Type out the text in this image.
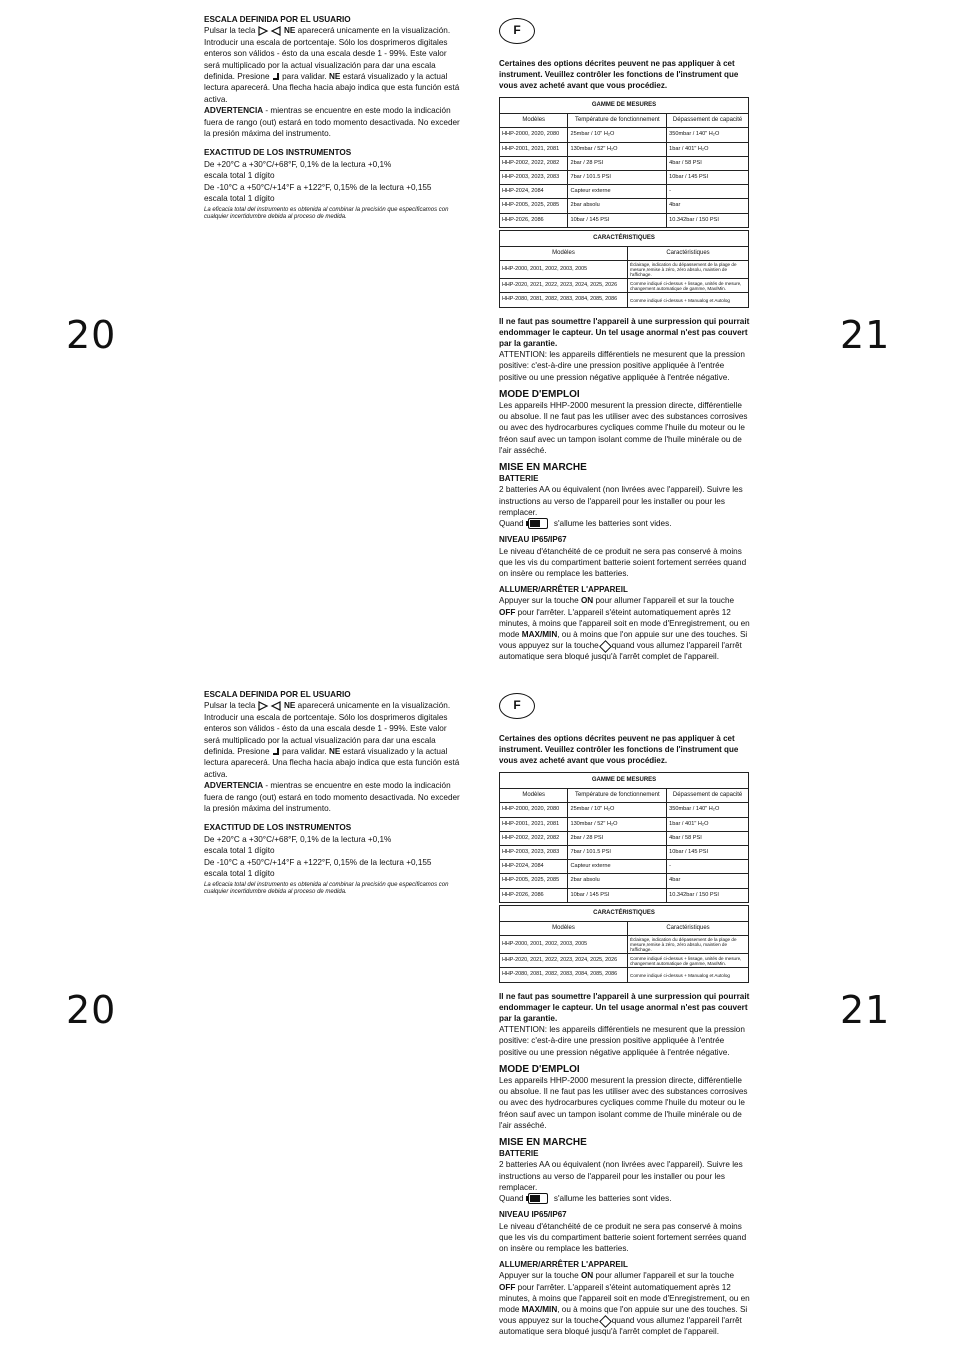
20	21
ESCALA DEFINIDA POR EL USUARIO

Pulsar la tecla	NE aparecerá unicamente en la visualización. Introducir una escala de portcentaje. Sólo los dosprimeros digitales enteros son válidos - ésto da una escala desde 1 - 99%. Este valor será multiplicado por la actual visualización para dar una escala definida. Presione para validar. NE estará visualizado y la actual lectura aparecerá. Una flecha hacia abajo indica que esta función está activa.

ADVERTENCIA - mientras se encuentre en este modo la indicación fuera de rango (out) estará en todo momento desactivada. No exceder la presión máxima del instrumento.

EXACTITUD DE LOS INSTRUMENTOS

De +20°C a +30°C/+68°F, 0,1% de la lectura +0,1%

escala total 1 dígito

De -10°C a +50°C/+14°F a +122°F, 0,15% de la lectura +0,155

escala total 1 dígito

La eficacia total del instrumento es obtenida al combinar la precisión que especificamos con cualquier incertidumbre debida al proceso de medida.

F

Certaines des options décrites peuvent ne pas appliquer à cet instrument. Veuillez contrôler les fonctions de l'instrument que vous avez acheté avant que vous procédiez.

GAMME DE MESURES		
Modèles	Température de fonctionnement	Dépassement de capacité
HHP-2000, 2020, 2080	25mbar / 10" H₂O	350mbar / 140" H₂O
HHP-2001, 2021, 2081	130mbar / 52" H₂O	1bar / 401" H₂O
HHP-2002, 2022, 2082	2bar / 28 PSI	4bar / 58 PSI
HHP-2003, 2023, 2083	7bar / 101.5 PSI	10bar / 145 PSI
HHP-2024, 2084	Capteur externe	-
HHP-2005, 2025, 2085	2bar absolu	4bar
HHP-2026, 2086	10bar / 145 PSI	10.342bar / 150 PSI
CARACTÉRISTIQUES	
Modèles	Caractéristiques
HHP-2000, 2001, 2002, 2003, 2005	Éclairage, indication du dépassement de la plage de mesure,remise à zéro, zéro absolu, maintien de l'affichage.
HHP-2020, 2021, 2022, 2023, 2024, 2025, 2026	Comme indiqué ci-dessus + lissage, unités de mesure, changement automatique de gamme, Max/Min.
HHP-2080, 2081, 2082, 2083, 2084, 2085, 2086	Comme indiqué ci-dessus + Manualog et Autolog

Il ne faut pas soumettre l'appareil à une surpression qui pourrait endommager le capteur. Un tel usage anormal n'est pas couvert par la garantie.

ATTENTION: les appareils différentiels ne mesurent que la pression positive: c'est-à-dire une pression positive appliquée à l'entrée positive ou une pression négative appliquée à l'entrée négative.

MODE D'EMPLOI

Les appareils HHP-2000 mesurent la pression directe, différentielle ou absolue. Il ne faut pas les utiliser avec des substances corrosives ou avec des hydrocarbures cycliques comme l'huile du moteur ou le fréon sauf avec un tampon isolant comme de l'huile minérale ou de l'air asséché.

MISE EN MARCHE
BATTERIE

2 batteries AA ou équivalent (non livrées avec l'appareil). Suivre les instructions au verso de l'appareil pour les installer ou pour les remplacer.

Quand	s'allume les batteries sont vides.

NIVEAU IP65/IP67

Le niveau d'étanchéité de ce produit ne sera pas conservé à moins que les vis du compartiment batterie soient fortement serrées quand on insère ou remplace les batteries.

ALLUMER/ARRÊTER L'APPAREIL

Appuyer sur la touche ON pour allumer l'appareil et sur la touche OFF pour l'arrêter. L'appareil s'éteint automatiquement après 12 minutes, à moins que l'appareil soit en mode d'Enregistrement, ou en mode MAX/MIN, ou à moins que l'on appuie sur une des touches. Si vous appuyez sur la touche quand vous allumez l'appareil l'arrêt automatique sera bloqué jusqu'à l'arrêt complet de l'appareil.

20	21
ESCALA DEFINIDA POR EL USUARIO

Pulsar la tecla	NE aparecerá unicamente en la visualización. Introducir una escala de portcentaje. Sólo los dosprimeros digitales enteros son válidos - ésto da una escala desde 1 - 99%. Este valor será multiplicado por la actual visualización para dar una escala definida. Presione para validar. NE estará visualizado y la actual lectura aparecerá. Una flecha hacia abajo indica que esta función está activa.

ADVERTENCIA - mientras se encuentre en este modo la indicación fuera de rango (out) estará en todo momento desactivada. No exceder la presión máxima del instrumento.

EXACTITUD DE LOS INSTRUMENTOS

De +20°C a +30°C/+68°F, 0,1% de la lectura +0,1%

escala total 1 dígito

De -10°C a +50°C/+14°F a +122°F, 0,15% de la lectura +0,155

escala total 1 dígito

La eficacia total del instrumento es obtenida al combinar la precisión que especificamos con cualquier incertidumbre debida al proceso de medida.

F

Certaines des options décrites peuvent ne pas appliquer à cet instrument. Veuillez contrôler les fonctions de l'instrument que vous avez acheté avant que vous procédiez.

GAMME DE MESURES		
Modèles	Température de fonctionnement	Dépassement de capacité
HHP-2000, 2020, 2080	25mbar / 10" H₂O	350mbar / 140" H₂O
HHP-2001, 2021, 2081	130mbar / 52" H₂O	1bar / 401" H₂O
HHP-2002, 2022, 2082	2bar / 28 PSI	4bar / 58 PSI
HHP-2003, 2023, 2083	7bar / 101.5 PSI	10bar / 145 PSI
HHP-2024, 2084	Capteur externe	-
HHP-2005, 2025, 2085	2bar absolu	4bar
HHP-2026, 2086	10bar / 145 PSI	10.342bar / 150 PSI
CARACTÉRISTIQUES	
Modèles	Caractéristiques
HHP-2000, 2001, 2002, 2003, 2005	Éclairage, indication du dépassement de la plage de mesure,remise à zéro, zéro absolu, maintien de l'affichage.
HHP-2020, 2021, 2022, 2023, 2024, 2025, 2026	Comme indiqué ci-dessus + lissage, unités de mesure, changement automatique de gamme, Max/Min.
HHP-2080, 2081, 2082, 2083, 2084, 2085, 2086	Comme indiqué ci-dessus + Manualog et Autolog

Il ne faut pas soumettre l'appareil à une surpression qui pourrait endommager le capteur. Un tel usage anormal n'est pas couvert par la garantie.

ATTENTION: les appareils différentiels ne mesurent que la pression positive: c'est-à-dire une pression positive appliquée à l'entrée positive ou une pression négative appliquée à l'entrée négative.

MODE D'EMPLOI

Les appareils HHP-2000 mesurent la pression directe, différentielle ou absolue. Il ne faut pas les utiliser avec des substances corrosives ou avec des hydrocarbures cycliques comme l'huile du moteur ou le fréon sauf avec un tampon isolant comme de l'huile minérale ou de l'air asséché.

MISE EN MARCHE
BATTERIE

2 batteries AA ou équivalent (non livrées avec l'appareil). Suivre les instructions au verso de l'appareil pour les installer ou pour les remplacer.

Quand	s'allume les batteries sont vides.

NIVEAU IP65/IP67

Le niveau d'étanchéité de ce produit ne sera pas conservé à moins que les vis du compartiment batterie soient fortement serrées quand on insère ou remplace les batteries.

ALLUMER/ARRÊTER L'APPAREIL

Appuyer sur la touche ON pour allumer l'appareil et sur la touche OFF pour l'arrêter. L'appareil s'éteint automatiquement après 12 minutes, à moins que l'appareil soit en mode d'Enregistrement, ou en mode MAX/MIN, ou à moins que l'on appuie sur une des touches. Si vous appuyez sur la touche quand vous allumez l'appareil l'arrêt automatique sera bloqué jusqu'à l'arrêt complet de l'appareil.
